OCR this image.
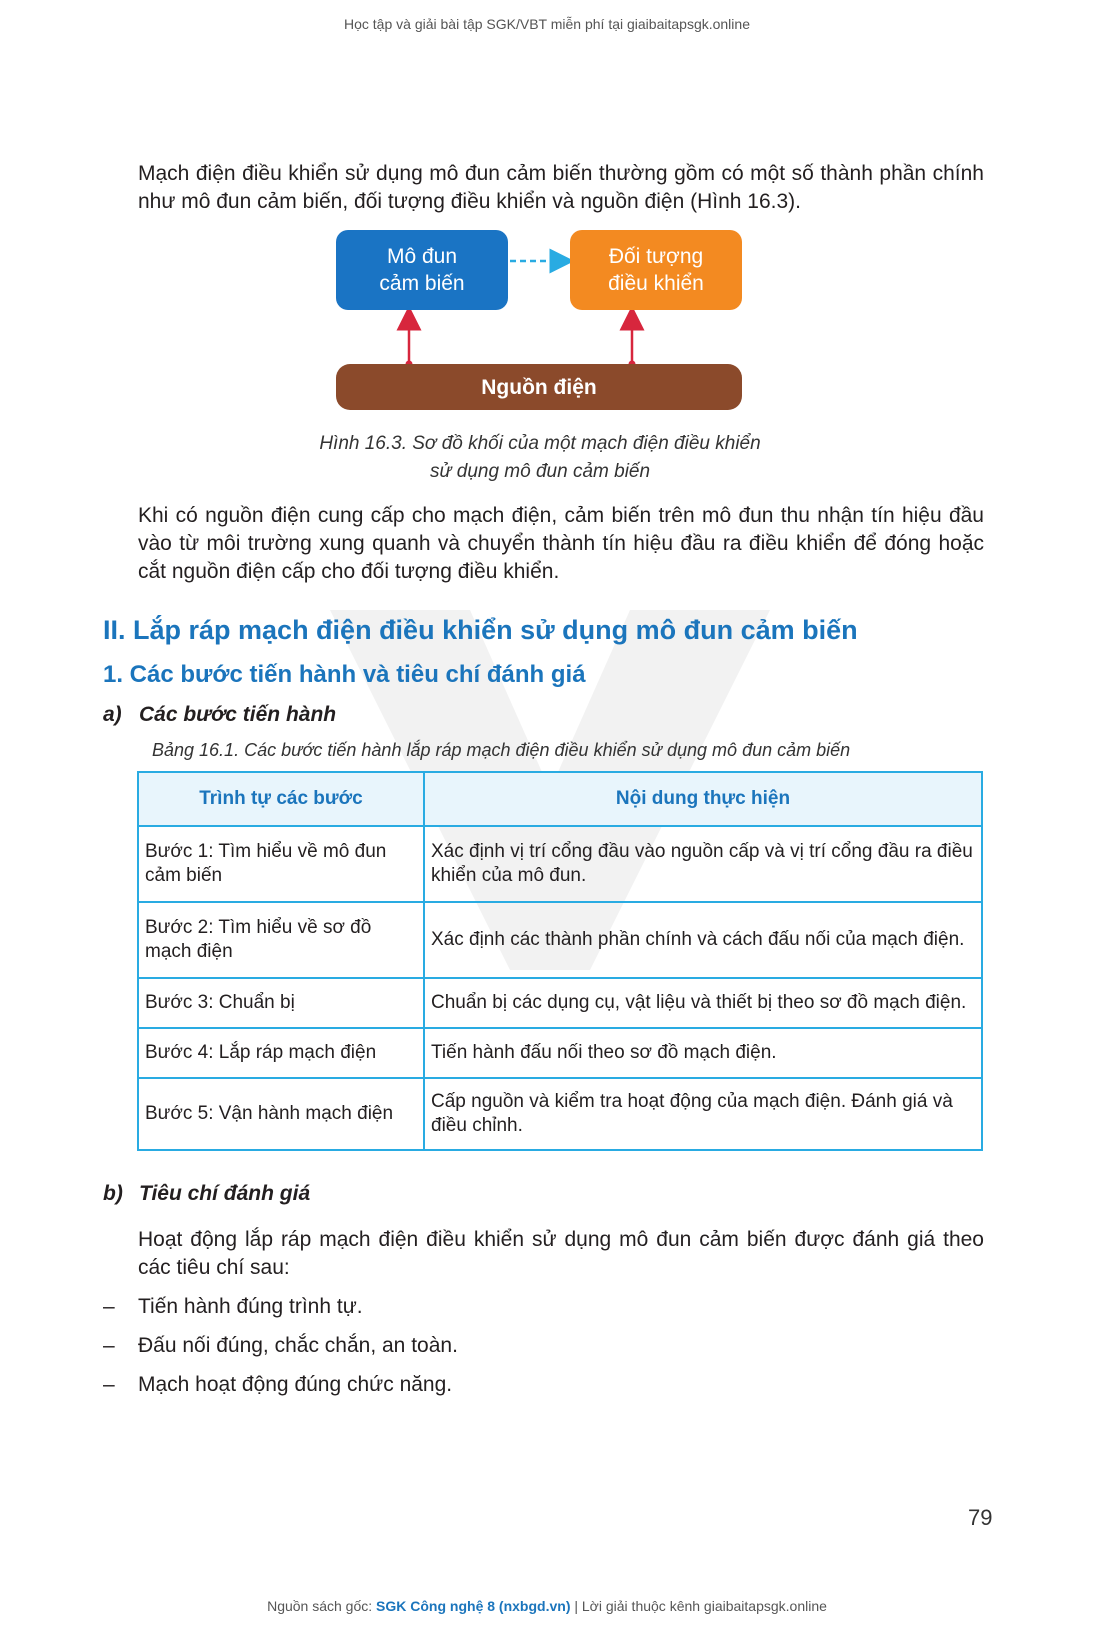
Học tập và giải bài tập SGK/VBT miễn phí tại giaibaitapsgk.online

Mạch điện điều khiển sử dụng mô đun cảm biến thường gồm có một số thành phần chính như mô đun cảm biến, đối tượng điều khiển và nguồn điện (Hình 16.3).

Mô đun
cảm biến
Đối tượng
điều khiển
Nguồn điện
Hình 16.3. Sơ đồ khối của một mạch điện điều khiển
sử dụng mô đun cảm biến

Khi có nguồn điện cung cấp cho mạch điện, cảm biến trên mô đun thu nhận tín hiệu đầu vào từ môi trường xung quanh và chuyển thành tín hiệu đầu ra điều khiển để đóng hoặc cắt nguồn điện cấp cho đối tượng điều khiển.

II. Lắp ráp mạch điện điều khiển sử dụng mô đun cảm biến
1. Các bước tiến hành và tiêu chí đánh giá
a) Các bước tiến hành
Bảng 16.1. Các bước tiến hành lắp ráp mạch điện điều khiển sử dụng mô đun cảm biến
Trình tự các bước	Nội dung thực hiện
Bước 1: Tìm hiểu về mô đun cảm biến	Xác định vị trí cổng đầu vào nguồn cấp và vị trí cổng đầu ra điều khiển của mô đun.
Bước 2: Tìm hiểu về sơ đồ mạch điện	Xác định các thành phần chính và cách đấu nối của mạch điện.
Bước 3: Chuẩn bị	Chuẩn bị các dụng cụ, vật liệu và thiết bị theo sơ đồ mạch điện.
Bước 4: Lắp ráp mạch điện	Tiến hành đấu nối theo sơ đồ mạch điện.
Bước 5: Vận hành mạch điện	Cấp nguồn và kiểm tra hoạt động của mạch điện. Đánh giá và điều chỉnh.
b) Tiêu chí đánh giá

Hoạt động lắp ráp mạch điện điều khiển sử dụng mô đun cảm biến được đánh giá theo các tiêu chí sau:

– Tiến hành đúng trình tự.
– Đấu nối đúng, chắc chắn, an toàn.
– Mạch hoạt động đúng chức năng.
79
Nguồn sách gốc: SGK Công nghệ 8 (nxbgd.vn) | Lời giải thuộc kênh giaibaitapsgk.online
